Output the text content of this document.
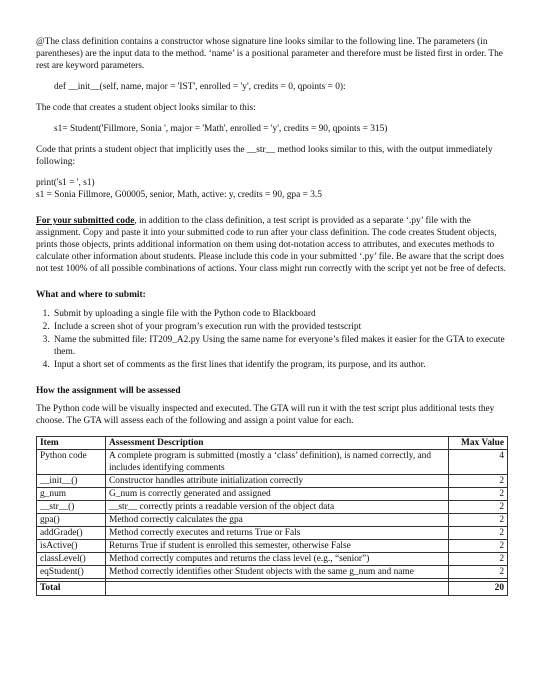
@The class definition contains a constructor whose signature line looks similar to the following line. The parameters (in parentheses) are the input data to the method. ‘name’ is a positional parameter and therefore must be listed first in order. The rest are keyword parameters.

def __init__(self, name, major = 'IST', enrolled = 'y', credits = 0, qpoints = 0):

The code that creates a student object looks similar to this:

s1= Student('Fillmore, Sonia ', major = 'Math', enrolled = 'y', credits = 90, qpoints = 315)

Code that prints a student object that implicitly uses the __str__ method looks similar to this, with the output immediately following:

print('s1 = ', s1)

s1 = Sonia Fillmore, G00005, senior, Math, active: y, credits = 90, gpa = 3.5

For your submitted code, in addition to the class definition, a test script is provided as a separate ‘.py’ file with the assignment. Copy and paste it into your submitted code to run after your class definition. The code creates Student objects, prints those objects, prints additional information on them using dot-notation access to attributes, and executes methods to calculate other information about students. Please include this code in your submitted ‘.py’ file. Be aware that the script does not test 100% of all possible combinations of actions. Your class might run correctly with the script yet not be free of defects.

What and where to submit:

1. Submit by uploading a single file with the Python code to Blackboard
2. Include a screen shot of your program’s execution run with the provided testscript
3. Name the submitted file: IT209_A2.py Using the same name for everyone’s filed makes it easier for the GTA to execute them.
4. Input a short set of comments as the first lines that identify the program, its purpose, and its author.

How the assignment will be assessed

The Python code will be visually inspected and executed. The GTA will run it with the test script plus additional tests they choose. The GTA will assess each of the following and assign a point value for each.

Item	Assessment Description	Max Value
Python code	A complete program is submitted (mostly a ‘class’ definition), is named correctly, and includes identifying comments	4
__init__()	Constructor handles attribute initialization correctly	2
g_num	G_num is correctly generated and assigned	2
__str__()	__str__ correctly prints a readable version of the object data	2
gpa()	Method correctly calculates the gpa	2
addGrade()	Method correctly executes and returns True or Fals	2
isActive()	Returns True if student is enrolled this semester, otherwise False	2
classLevel()	Method correctly computes and returns the class level (e.g., “senior”)	2
eqStudent()	Method correctly identifies other Student objects with the same g_num and name	2

Total		20
